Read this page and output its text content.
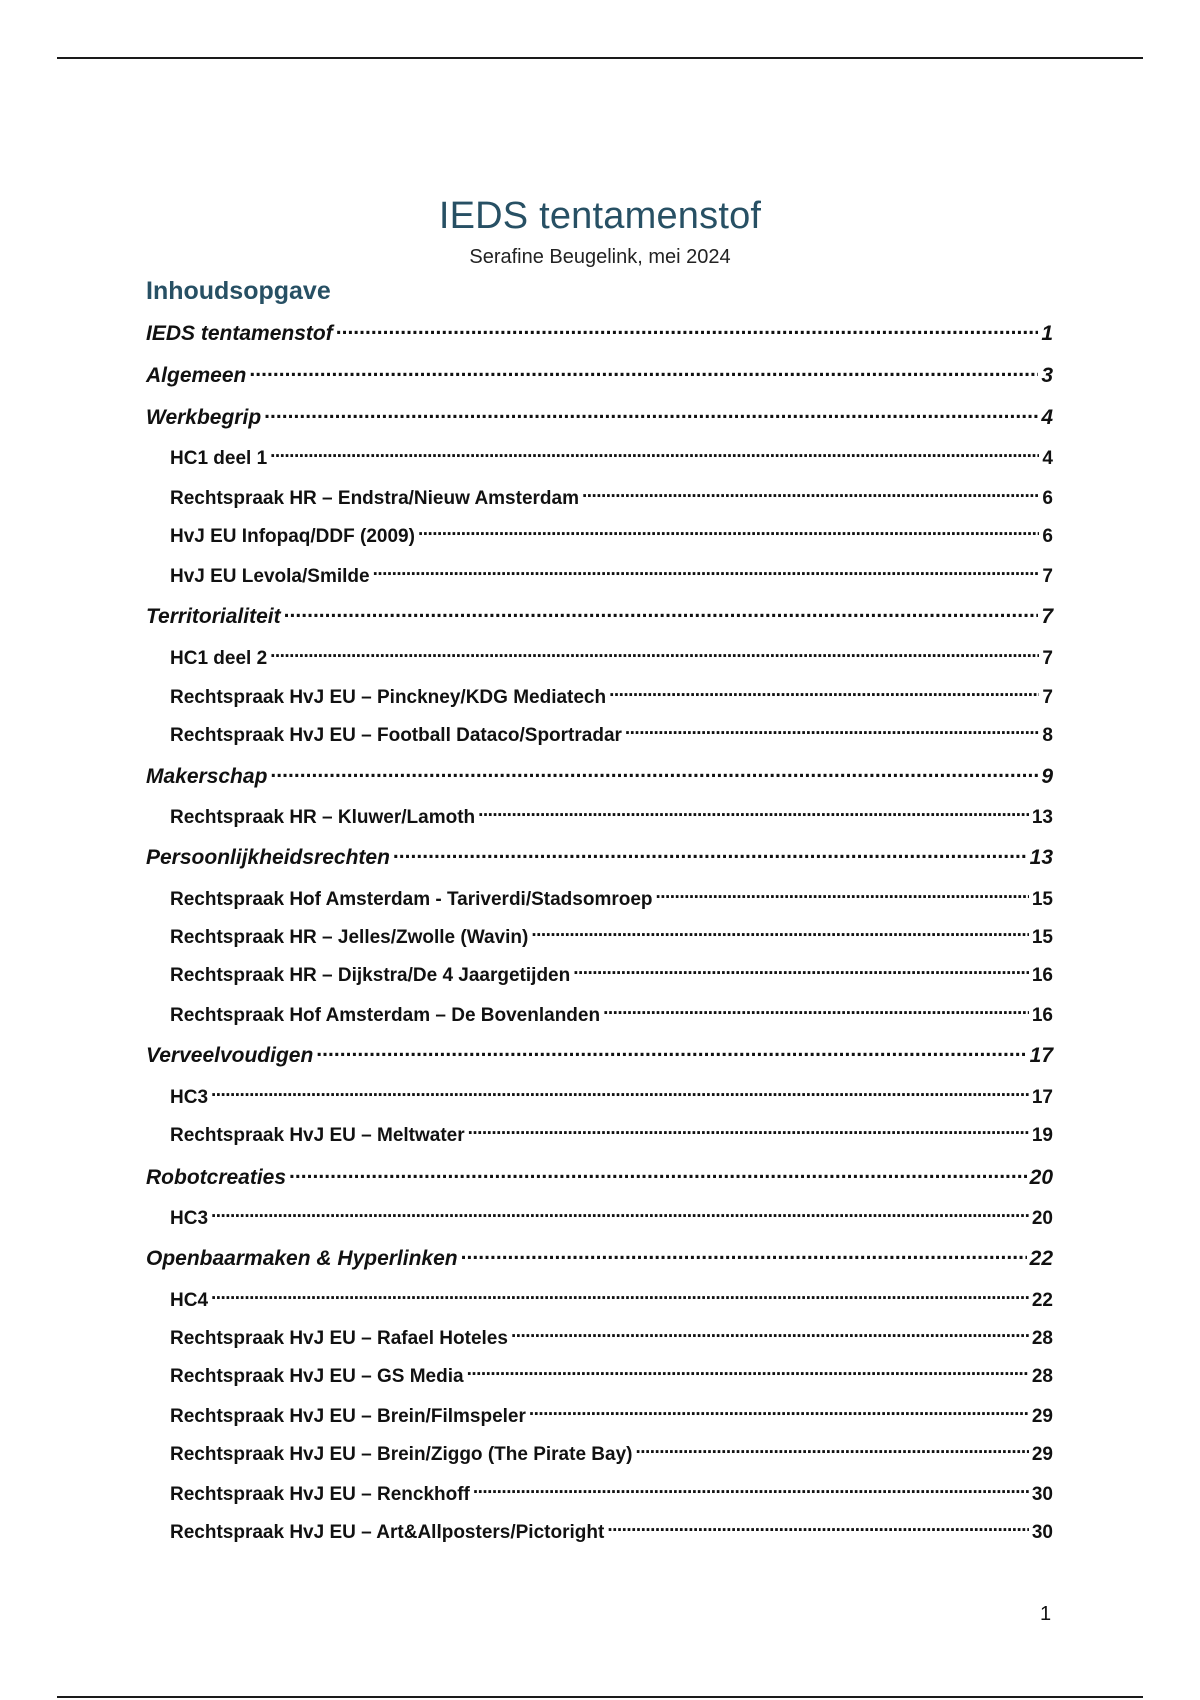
IEDS tentamenstof
Serafine Beugelink, mei 2024
Inhoudsopgave
IEDS tentamenstof . . .	1
Algemeen . . .	3
Werkbegrip . . .	4
HC1 deel 1 . . .	4
Rechtspraak HR – Endstra/Nieuw Amsterdam . . .	6
HvJ EU Infopaq/DDF (2009) . . .	6
HvJ EU Levola/Smilde . . .	7
Territorialiteit . . .	7
HC1 deel 2 . . .	7
Rechtspraak HvJ EU – Pinckney/KDG Mediatech . . .	7
Rechtspraak HvJ EU – Football Dataco/Sportradar . . .	8
Makerschap . . .	9
Rechtspraak HR – Kluwer/Lamoth . . .	13
Persoonlijkheidsrechten . . .	13
Rechtspraak Hof Amsterdam - Tariverdi/Stadsomroep . . .	15
Rechtspraak HR – Jelles/Zwolle (Wavin) . . .	15
Rechtspraak HR – Dijkstra/De 4 Jaargetijden . . .	16
Rechtspraak Hof Amsterdam – De Bovenlanden . . .	16
Verveelvoudigen . . .	17
HC3 . . .	17
Rechtspraak HvJ EU – Meltwater . . .	19
Robotcreaties . . .	20
HC3 . . .	20
Openbaarmaken & Hyperlinken . . .	22
HC4 . . .	22
Rechtspraak HvJ EU – Rafael Hoteles . . .	28
Rechtspraak HvJ EU – GS Media . . .	28
Rechtspraak HvJ EU – Brein/Filmspeler . . .	29
Rechtspraak HvJ EU – Brein/Ziggo (The Pirate Bay) . . .	29
Rechtspraak HvJ EU – Renckhoff . . .	30
Rechtspraak HvJ EU – Art&Allposters/Pictoright . . .	30
1
